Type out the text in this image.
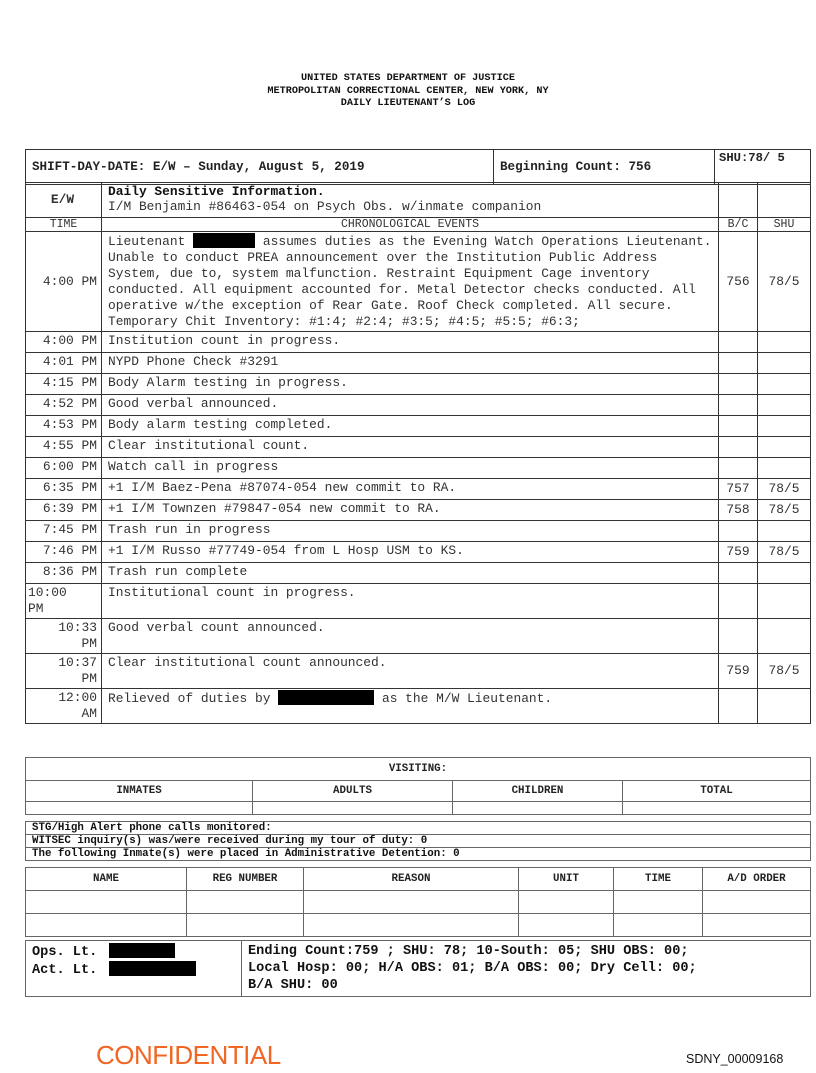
UNITED STATES DEPARTMENT OF JUSTICE
METROPOLITAN CORRECTIONAL CENTER, NEW YORK, NY
DAILY LIEUTENANT’S LOG
SHIFT-DAY-DATE: E/W – Sunday, August 5, 2019	Beginning Count: 756	SHU:78/ 5
E/W	Daily Sensitive Information.
I/M Benjamin #86463-054 on Psych Obs. w/inmate companion		

TIME	CHRONOLOGICAL EVENTS	B/C	SHU
4:00 PM	Lieutenant assumes duties as the Evening Watch Operations Lieutenant. Unable to conduct PREA announcement over the Institution Public Address System, due to, system malfunction. Restraint Equipment Cage inventory conducted. All equipment accounted for. Metal Detector checks conducted. All operative w/the exception of Rear Gate. Roof Check completed. All secure. Temporary Chit Inventory: #1:4; #2:4; #3:5; #4:5; #5:5; #6:3;	756	78/5
4:00 PM	Institution count in progress.		
4:01 PM	NYPD Phone Check #3291		
4:15 PM	Body Alarm testing in progress.		
4:52 PM	Good verbal announced.		
4:53 PM	Body alarm testing completed.		
4:55 PM	Clear institutional count.		
6:00 PM	Watch call in progress		
6:35 PM	+1 I/M Baez-Pena #87074-054 new commit to RA.	757	78/5
6:39 PM	+1 I/M Townzen #79847-054 new commit to RA.	758	78/5
7:45 PM	Trash run in progress		
7:46 PM	+1 I/M Russo #77749-054 from L Hosp USM to KS.	759	78/5
8:36 PM	Trash run complete		

10:00
PM	Institutional count in progress.		

10:33
PM	Good verbal count announced.		

10:37
PM	Clear institutional count announced.	759	78/5

12:00
AM	Relieved of duties by as the M/W Lieutenant.		
VISITING:			
INMATES	ADULTS	CHILDREN	TOTAL

STG/High Alert phone calls monitored:
WITSEC inquiry(s) was/were received during my tour of duty: 0
The following Inmate(s) were placed in Administrative Detention: 0
NAME	REG NUMBER	REASON	UNIT	TIME	A/D ORDER

Ops. Lt.
Act. Lt.

Ending Count:759 ; SHU: 78; 10-South: 05; SHU OBS: 00;
Local Hosp: 00; H/A OBS: 01; B/A OBS: 00; Dry Cell: 00;
B/A SHU: 00
CONFIDENTIAL	SDNY_00009168
